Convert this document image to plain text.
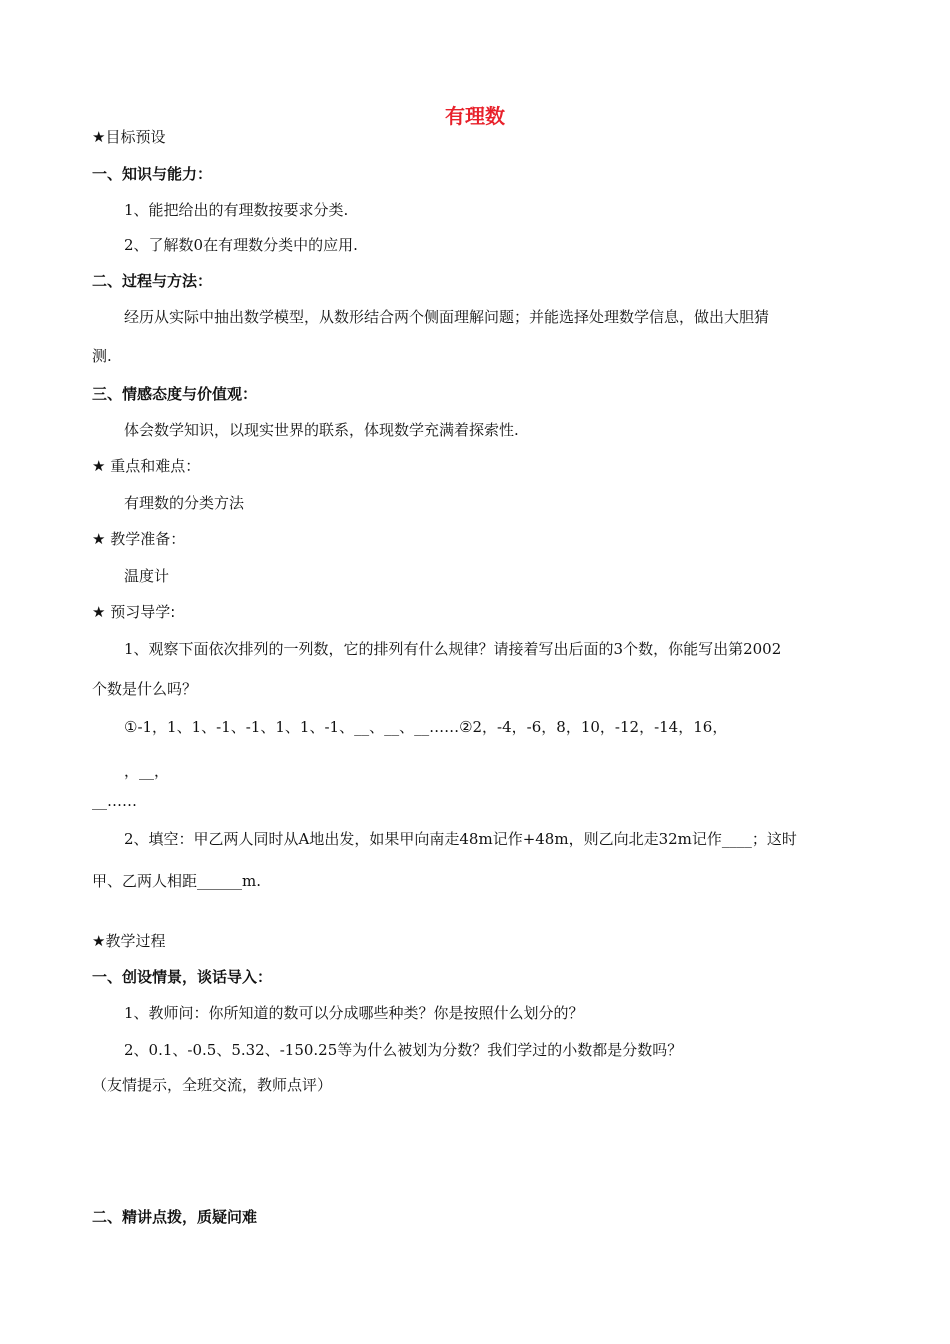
有理数
★目标预设
一、知识与能力：
1、能把给出的有理数按要求分类.
2、了解数0在有理数分类中的应用.
二、过程与方法：
经历从实际中抽出数学模型，从数形结合两个侧面理解问题；并能选择处理数学信息，做出大胆猜
测.
三、情感态度与价值观：
体会数学知识，以现实世界的联系，体现数学充满着探索性.
★ 重点和难点：
有理数的分类方法
★ 教学准备：
温度计
★ 预习导学:
1、观察下面依次排列的一列数，它的排列有什么规律？请接着写出后面的3个数，你能写出第2002
个数是什么吗？
①-1，1、1、-1、-1、1、1、-1、__、__、__……②2，-4，-6，8，10，-12，-14，16，
，__，
__……
2、填空：甲乙两人同时从A地出发，如果甲向南走48m记作+48m，则乙向北走32m记作____；这时
甲、乙两人相距______m.
★教学过程
一、创设情景，谈话导入：
1、教师问：你所知道的数可以分成哪些种类？你是按照什么划分的？
2、0.1、-0.5、5.32、-150.25等为什么被划为分数？我们学过的小数都是分数吗？
（友情提示，全班交流，教师点评）
二、精讲点拨，质疑问难
